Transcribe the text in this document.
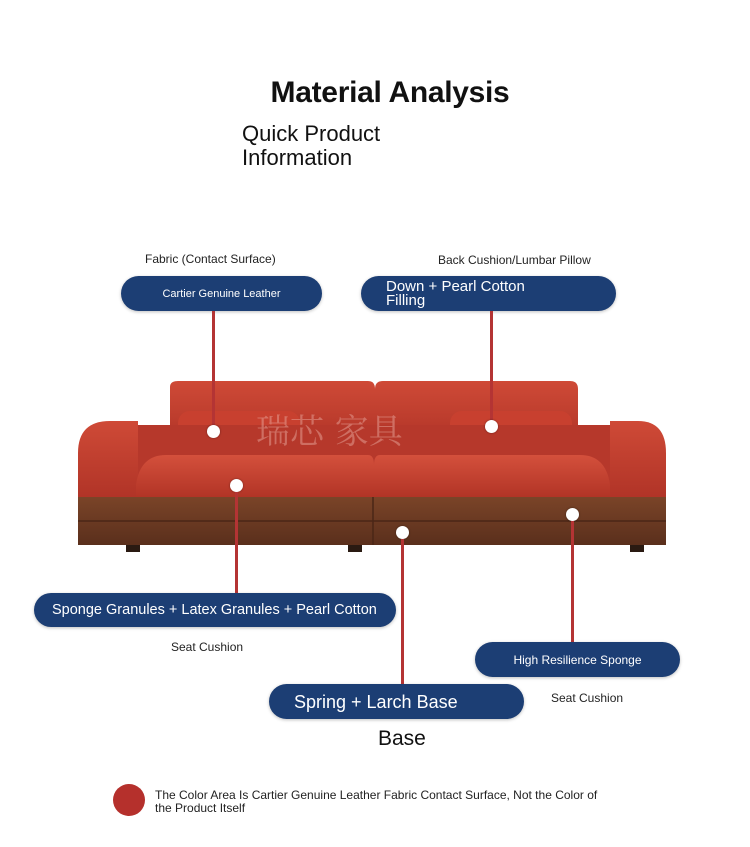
Material Analysis
Quick Product Information
瑞芯 家具
Fabric (Contact Surface)
Cartier Genuine Leather
Back Cushion/Lumbar Pillow
Down + Pearl Cotton Filling
Sponge Granules + Latex Granules + Pearl Cotton
Seat Cushion
High Resilience Sponge
Seat Cushion
Spring + Larch Base
Base
The Color Area Is Cartier Genuine Leather Fabric Contact Surface, Not the Color of the Product Itself
